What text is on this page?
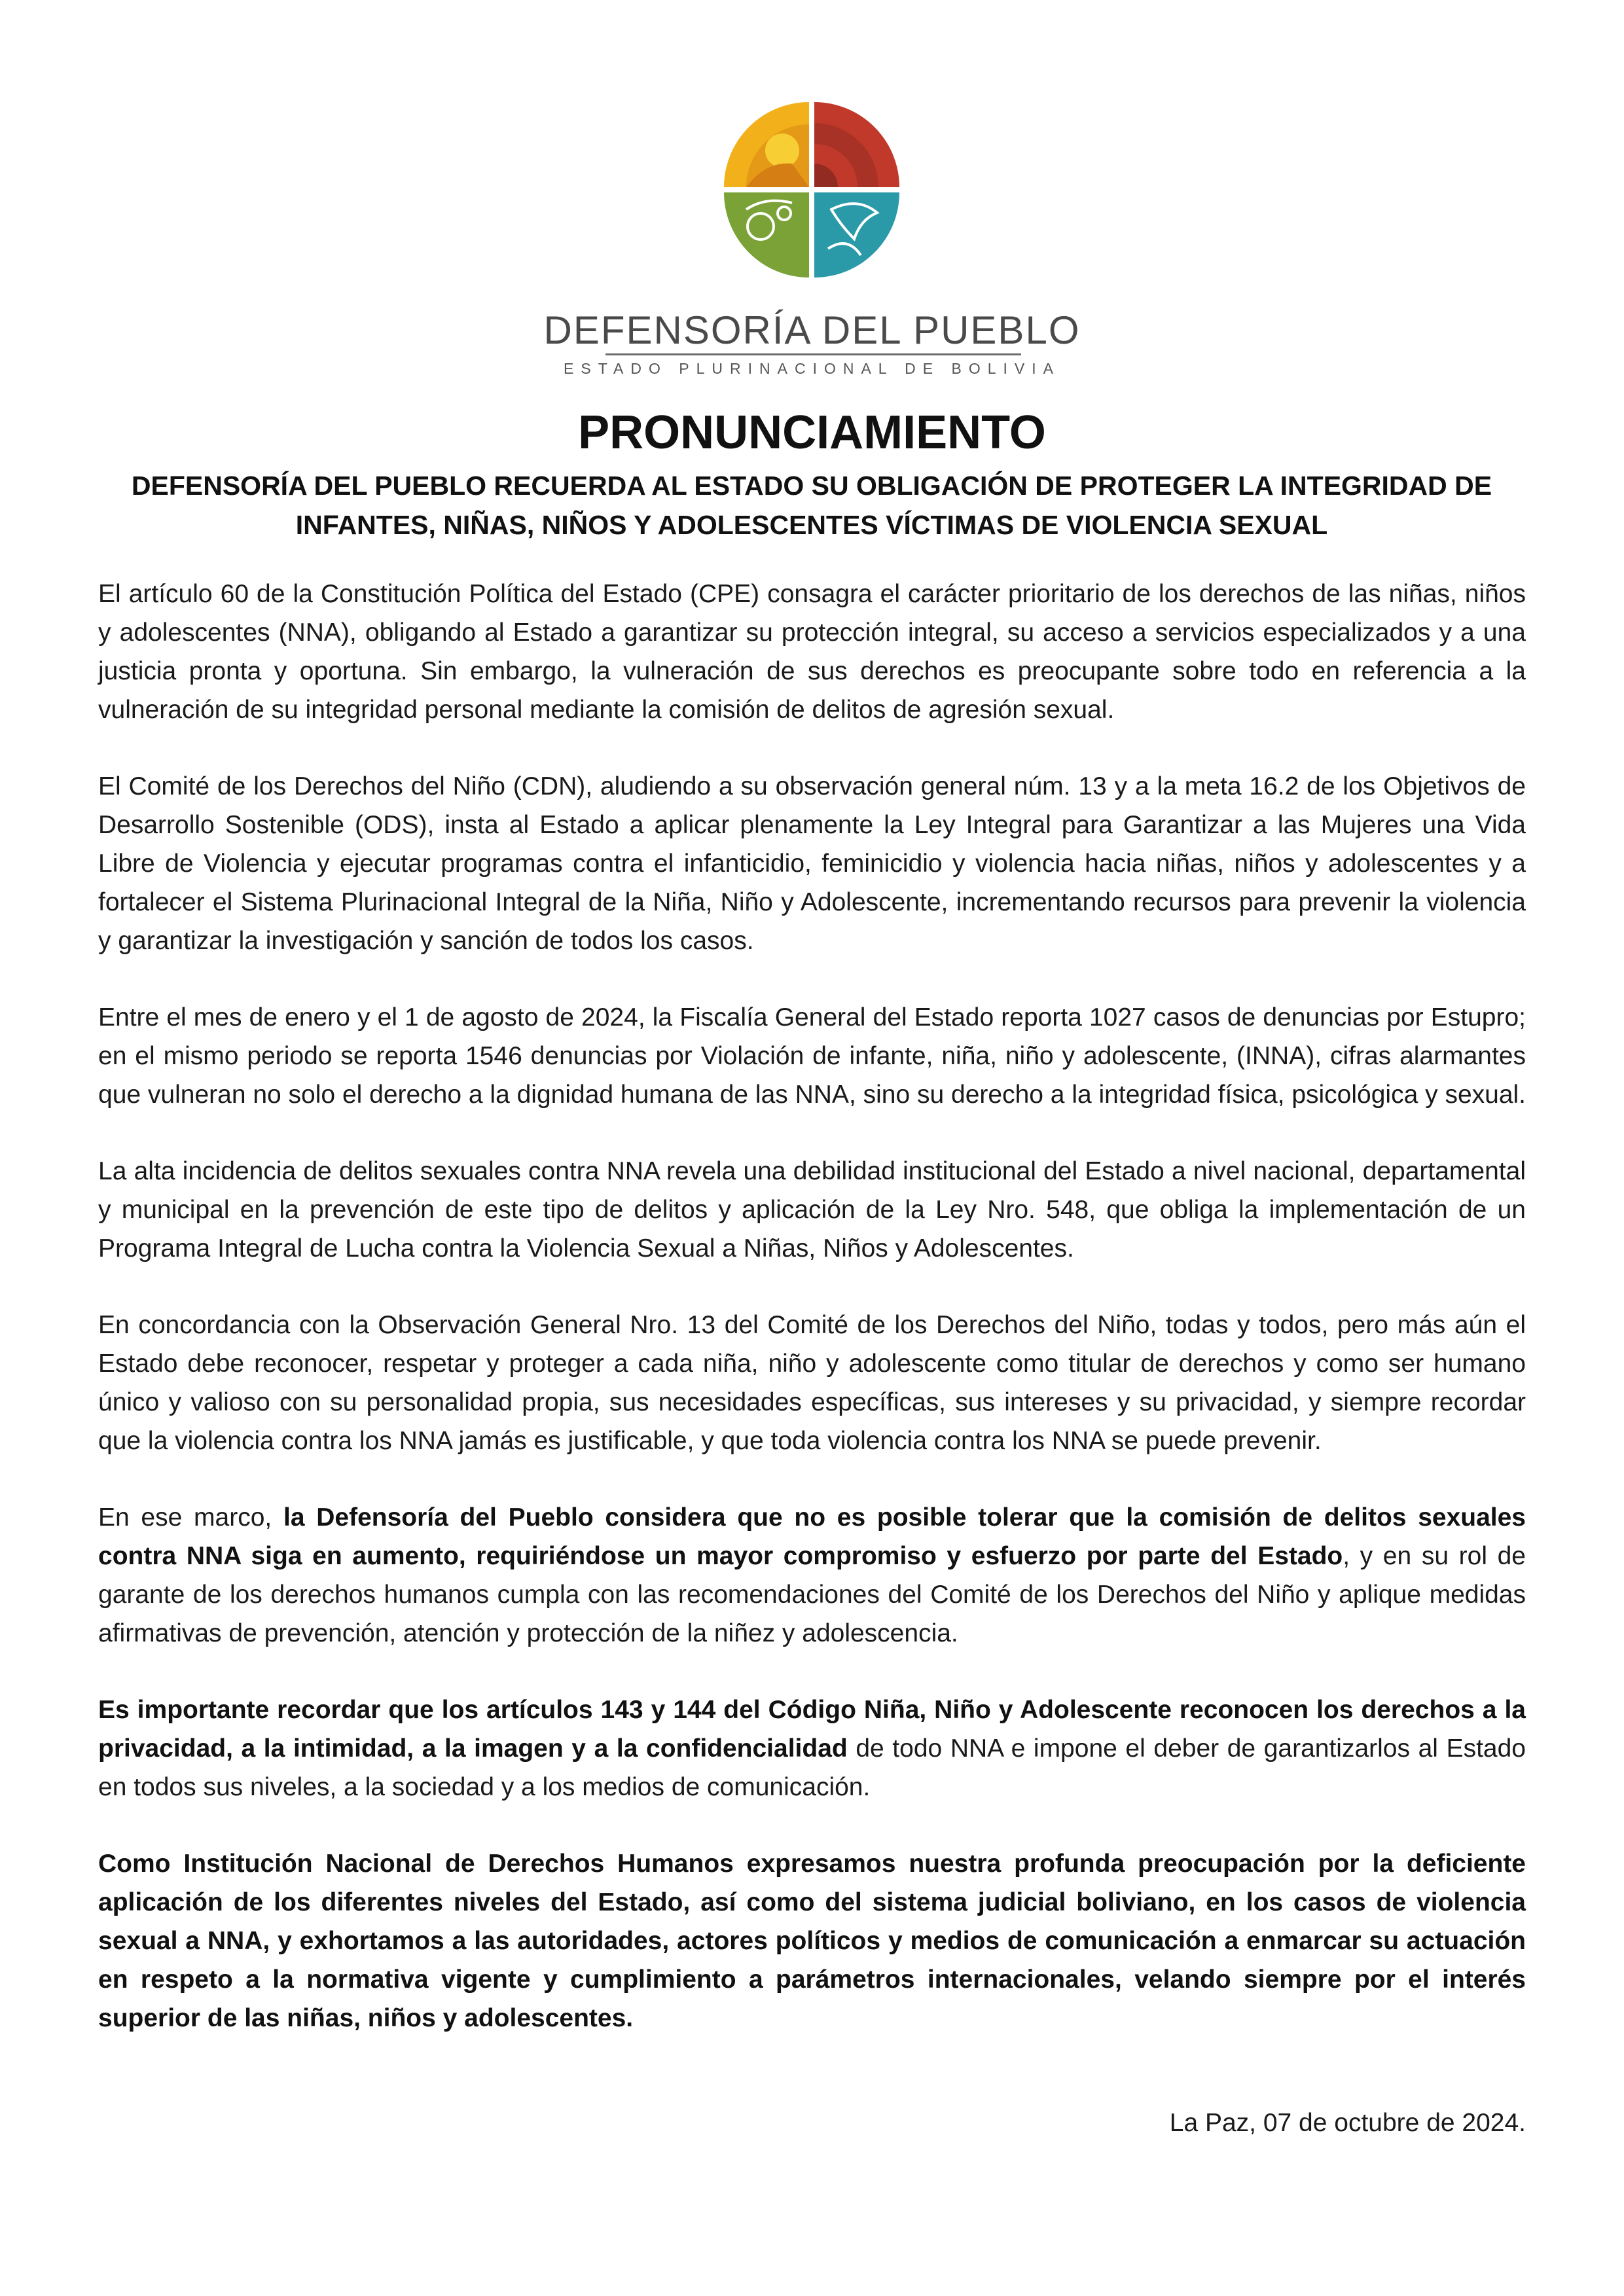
DEFENSORÍA DEL PUEBLO
ESTADO PLURINACIONAL DE BOLIVIA
PRONUNCIAMIENTO
DEFENSORÍA DEL PUEBLO RECUERDA AL ESTADO SU OBLIGACIÓN DE PROTEGER LA INTEGRIDAD DE INFANTES, NIÑAS, NIÑOS Y ADOLESCENTES VÍCTIMAS DE VIOLENCIA SEXUAL

El artículo 60 de la Constitución Política del Estado (CPE) consagra el carácter prioritario de los derechos de las niñas, niños y adolescentes (NNA), obligando al Estado a garantizar su protección integral, su acceso a servicios especializados y a una justicia pronta y oportuna. Sin embargo, la vulneración de sus derechos es preocupante sobre todo en referencia a la vulneración de su integridad personal mediante la comisión de delitos de agresión sexual.

El Comité de los Derechos del Niño (CDN), aludiendo a su observación general núm. 13 y a la meta 16.2 de los Objetivos de Desarrollo Sostenible (ODS), insta al Estado a aplicar plenamente la Ley Integral para Garantizar a las Mujeres una Vida Libre de Violencia y ejecutar programas contra el infanticidio, feminicidio y violencia hacia niñas, niños y adolescentes y a fortalecer el Sistema Plurinacional Integral de la Niña, Niño y Adolescente, incrementando recursos para prevenir la violencia y garantizar la investigación y sanción de todos los casos.

Entre el mes de enero y el 1 de agosto de 2024, la Fiscalía General del Estado reporta 1027 casos de denuncias por Estupro; en el mismo periodo se reporta 1546 denuncias por Violación de infante, niña, niño y adolescente, (INNA), cifras alarmantes que vulneran no solo el derecho a la dignidad humana de las NNA, sino su derecho a la integridad física, psicológica y sexual.

La alta incidencia de delitos sexuales contra NNA revela una debilidad institucional del Estado a nivel nacional, departamental y municipal en la prevención de este tipo de delitos y aplicación de la Ley Nro. 548, que obliga la implementación de un Programa Integral de Lucha contra la Violencia Sexual a Niñas, Niños y Adolescentes.

En concordancia con la Observación General Nro. 13 del Comité de los Derechos del Niño, todas y todos, pero más aún el Estado debe reconocer, respetar y proteger a cada niña, niño y adolescente como titular de derechos y como ser humano único y valioso con su personalidad propia, sus necesidades específicas, sus intereses y su privacidad, y siempre recordar que la violencia contra los NNA jamás es justificable, y que toda violencia contra los NNA se puede prevenir.

En ese marco, la Defensoría del Pueblo considera que no es posible tolerar que la comisión de delitos sexuales contra NNA siga en aumento, requiriéndose un mayor compromiso y esfuerzo por parte del Estado, y en su rol de garante de los derechos humanos cumpla con las recomendaciones del Comité de los Derechos del Niño y aplique medidas afirmativas de prevención, atención y protección de la niñez y adolescencia.

Es importante recordar que los artículos 143 y 144 del Código Niña, Niño y Adolescente reconocen los derechos a la privacidad, a la intimidad, a la imagen y a la confidencialidad de todo NNA e impone el deber de garantizarlos al Estado en todos sus niveles, a la sociedad y a los medios de comunicación.

Como Institución Nacional de Derechos Humanos expresamos nuestra profunda preocupación por la deficiente aplicación de los diferentes niveles del Estado, así como del sistema judicial boliviano, en los casos de violencia sexual a NNA, y exhortamos a las autoridades, actores políticos y medios de comunicación a enmarcar su actuación en respeto a la normativa vigente y cumplimiento a parámetros internacionales, velando siempre por el interés superior de las niñas, niños y adolescentes.

La Paz, 07 de octubre de 2024.
